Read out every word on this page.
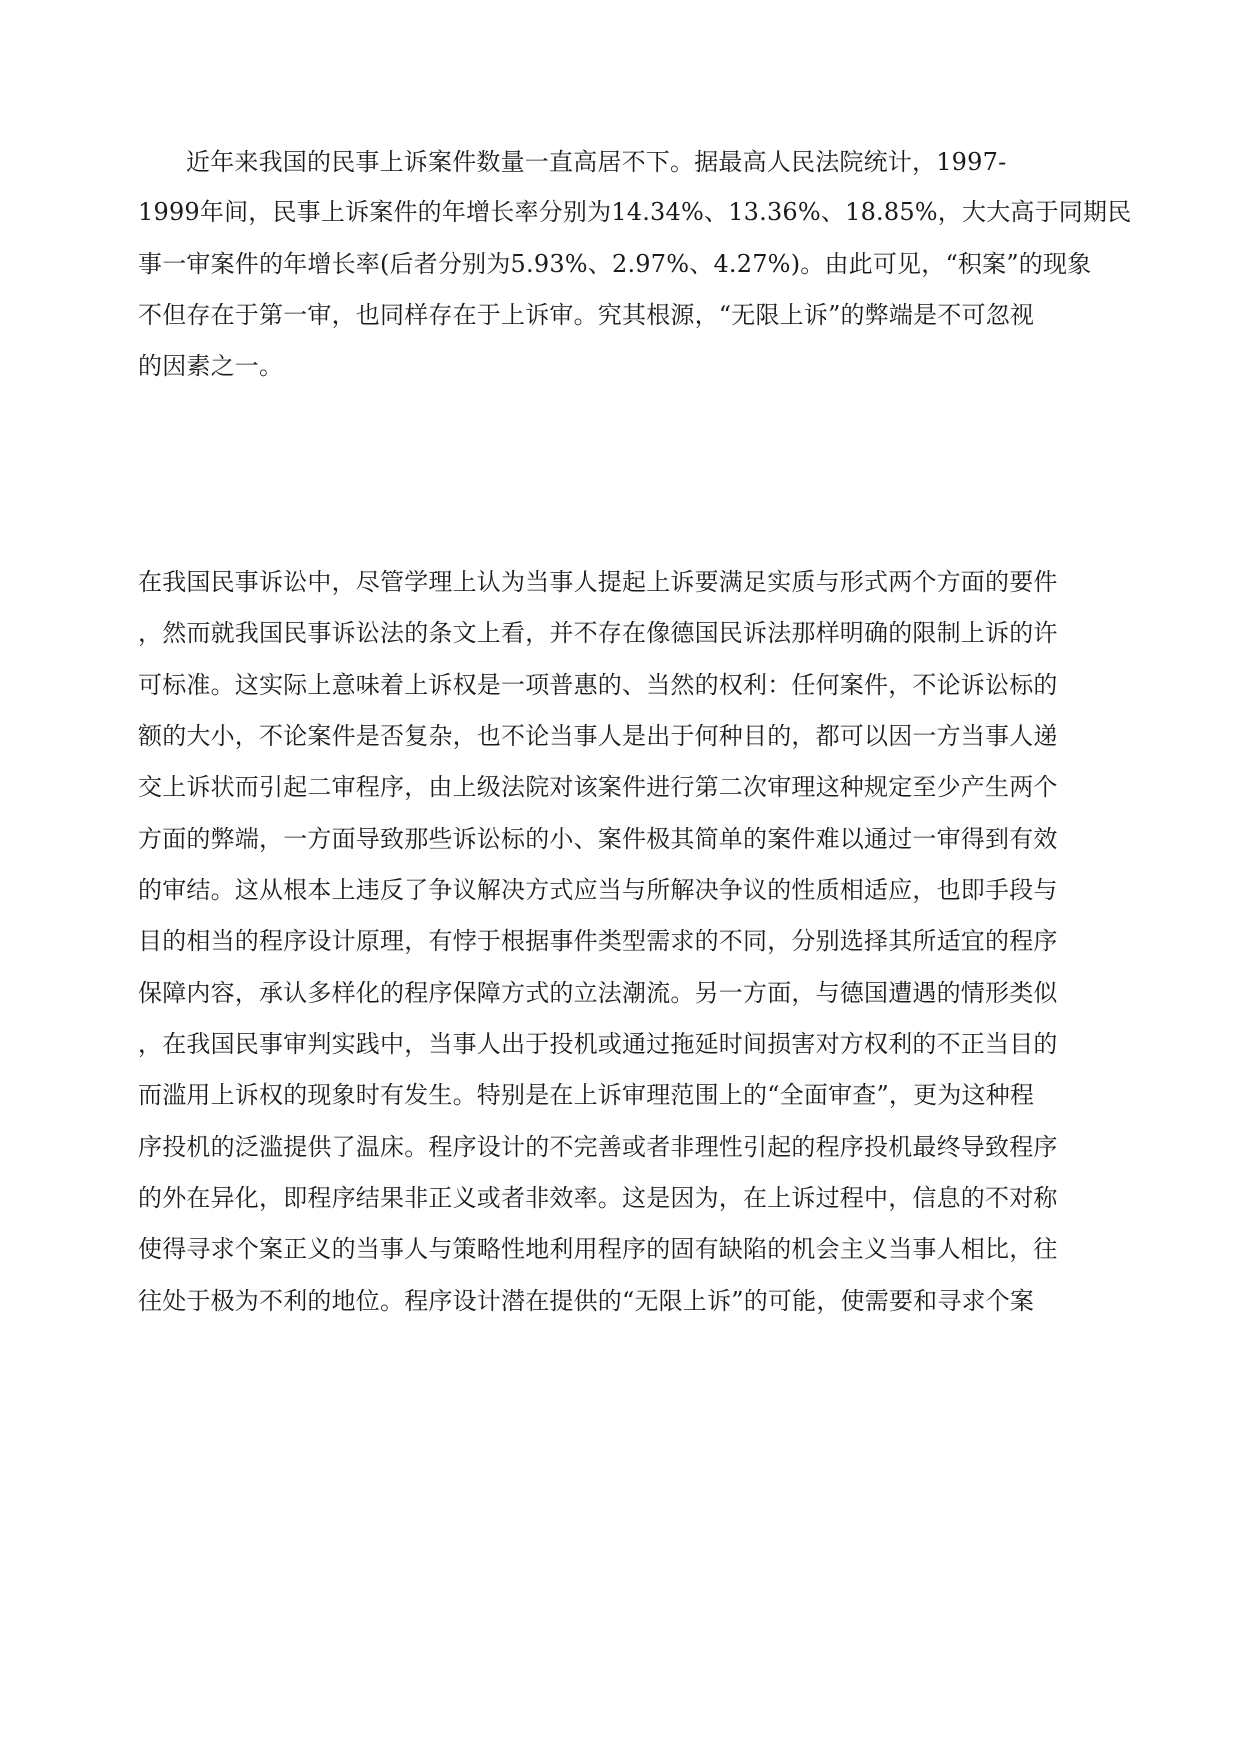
近年来我国的民事上诉案件数量一直高居不下。据最高人民法院统计，1997-
1999年间，民事上诉案件的年增长率分别为14.34%、13.36%、18.85%，大大高于同期民
事一审案件的年增长率(后者分别为5.93%、2.97%、4.27%)。由此可见，“积案”的现象
不但存在于第一审，也同样存在于上诉审。究其根源，“无限上诉”的弊端是不可忽视
的因素之一。
在我国民事诉讼中，尽管学理上认为当事人提起上诉要满足实质与形式两个方面的要件
，然而就我国民事诉讼法的条文上看，并不存在像德国民诉法那样明确的限制上诉的许
可标准。这实际上意味着上诉权是一项普惠的、当然的权利：任何案件，不论诉讼标的
额的大小，不论案件是否复杂，也不论当事人是出于何种目的，都可以因一方当事人递
交上诉状而引起二审程序，由上级法院对该案件进行第二次审理这种规定至少产生两个
方面的弊端，一方面导致那些诉讼标的小、案件极其简单的案件难以通过一审得到有效
的审结。这从根本上违反了争议解决方式应当与所解决争议的性质相适应，也即手段与
目的相当的程序设计原理，有悖于根据事件类型需求的不同，分别选择其所适宜的程序
保障内容，承认多样化的程序保障方式的立法潮流。另一方面，与德国遭遇的情形类似
，在我国民事审判实践中，当事人出于投机或通过拖延时间损害对方权利的不正当目的
而滥用上诉权的现象时有发生。特别是在上诉审理范围上的“全面审查”，更为这种程
序投机的泛滥提供了温床。程序设计的不完善或者非理性引起的程序投机最终导致程序
的外在异化，即程序结果非正义或者非效率。这是因为，在上诉过程中，信息的不对称
使得寻求个案正义的当事人与策略性地利用程序的固有缺陷的机会主义当事人相比，往
往处于极为不利的地位。程序设计潜在提供的“无限上诉”的可能，使需要和寻求个案
